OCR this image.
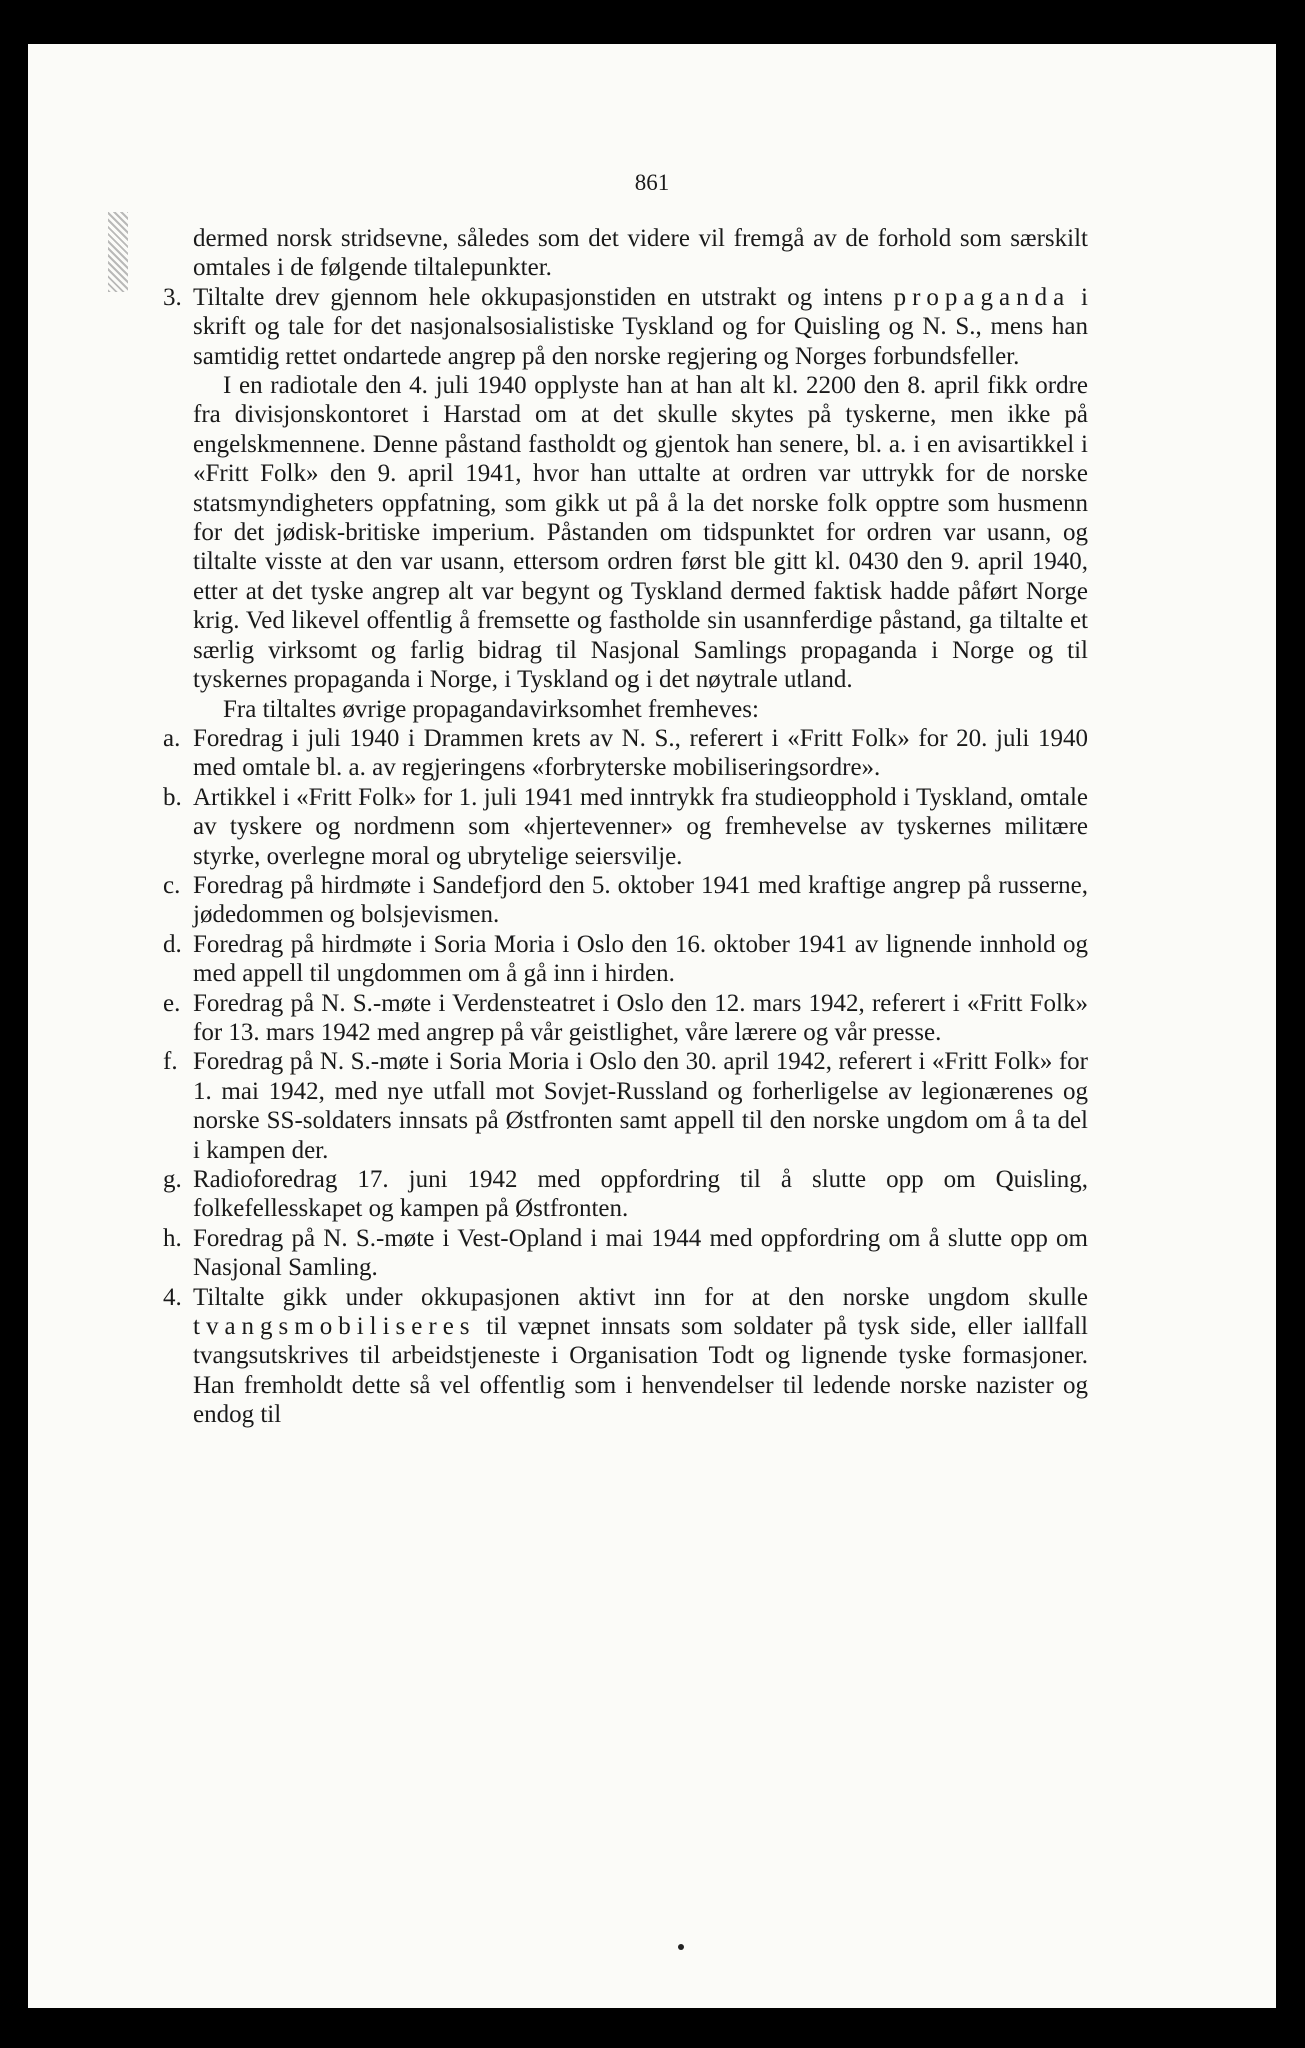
861

dermed norsk stridsevne, således som det videre vil fremgå av de forhold som særskilt omtales i de følgende tiltalepunkter.

3. Tiltalte drev gjennom hele okkupasjonstiden en utstrakt og intens propaganda i skrift og tale for det nasjonalsosialistiske Tyskland og for Quisling og N. S., mens han samtidig rettet ondartede angrep på den norske regjering og Norges forbundsfeller.

I en radiotale den 4. juli 1940 opplyste han at han alt kl. 2200 den 8. april fikk ordre fra divisjonskontoret i Harstad om at det skulle skytes på tyskerne, men ikke på engelskmennene. Denne påstand fastholdt og gjentok han senere, bl. a. i en avisartikkel i «Fritt Folk» den 9. april 1941, hvor han uttalte at ordren var uttrykk for de norske statsmyndigheters oppfatning, som gikk ut på å la det norske folk opptre som husmenn for det jødisk-britiske imperium. Påstanden om tidspunktet for ordren var usann, og tiltalte visste at den var usann, ettersom ordren først ble gitt kl. 0430 den 9. april 1940, etter at det tyske angrep alt var begynt og Tyskland dermed faktisk hadde påført Norge krig. Ved likevel offentlig å fremsette og fastholde sin usannferdige påstand, ga tiltalte et særlig virksomt og farlig bidrag til Nasjonal Samlings propaganda i Norge og til tyskernes propaganda i Norge, i Tyskland og i det nøytrale utland.

Fra tiltaltes øvrige propagandavirksomhet fremheves:

a. Foredrag i juli 1940 i Drammen krets av N. S., referert i «Fritt Folk» for 20. juli 1940 med omtale bl. a. av regjeringens «forbryterske mobiliseringsordre».

b. Artikkel i «Fritt Folk» for 1. juli 1941 med inntrykk fra studieopphold i Tyskland, omtale av tyskere og nordmenn som «hjertevenner» og fremhevelse av tyskernes militære styrke, overlegne moral og ubrytelige seiersvilje.

c. Foredrag på hirdmøte i Sandefjord den 5. oktober 1941 med kraftige angrep på russerne, jødedommen og bolsjevismen.

d. Foredrag på hirdmøte i Soria Moria i Oslo den 16. oktober 1941 av lignende innhold og med appell til ungdommen om å gå inn i hirden.

e. Foredrag på N. S.-møte i Verdensteatret i Oslo den 12. mars 1942, referert i «Fritt Folk» for 13. mars 1942 med angrep på vår geistlighet, våre lærere og vår presse.

f. Foredrag på N. S.-møte i Soria Moria i Oslo den 30. april 1942, referert i «Fritt Folk» for 1. mai 1942, med nye utfall mot Sovjet-Russland og forherligelse av legionærenes og norske SS-soldaters innsats på Østfronten samt appell til den norske ungdom om å ta del i kampen der.

g. Radioforedrag 17. juni 1942 med oppfordring til å slutte opp om Quisling, folkefellesskapet og kampen på Østfronten.

h. Foredrag på N. S.-møte i Vest-Opland i mai 1944 med oppfordring om å slutte opp om Nasjonal Samling.

4. Tiltalte gikk under okkupasjonen aktivt inn for at den norske ungdom skulle tvangsmobiliseres til væpnet innsats som soldater på tysk side, eller iallfall tvangsutskrives til arbeidstjeneste i Organisation Todt og lignende tyske formasjoner. Han fremholdt dette så vel offentlig som i henvendelser til ledende norske nazister og endog til
